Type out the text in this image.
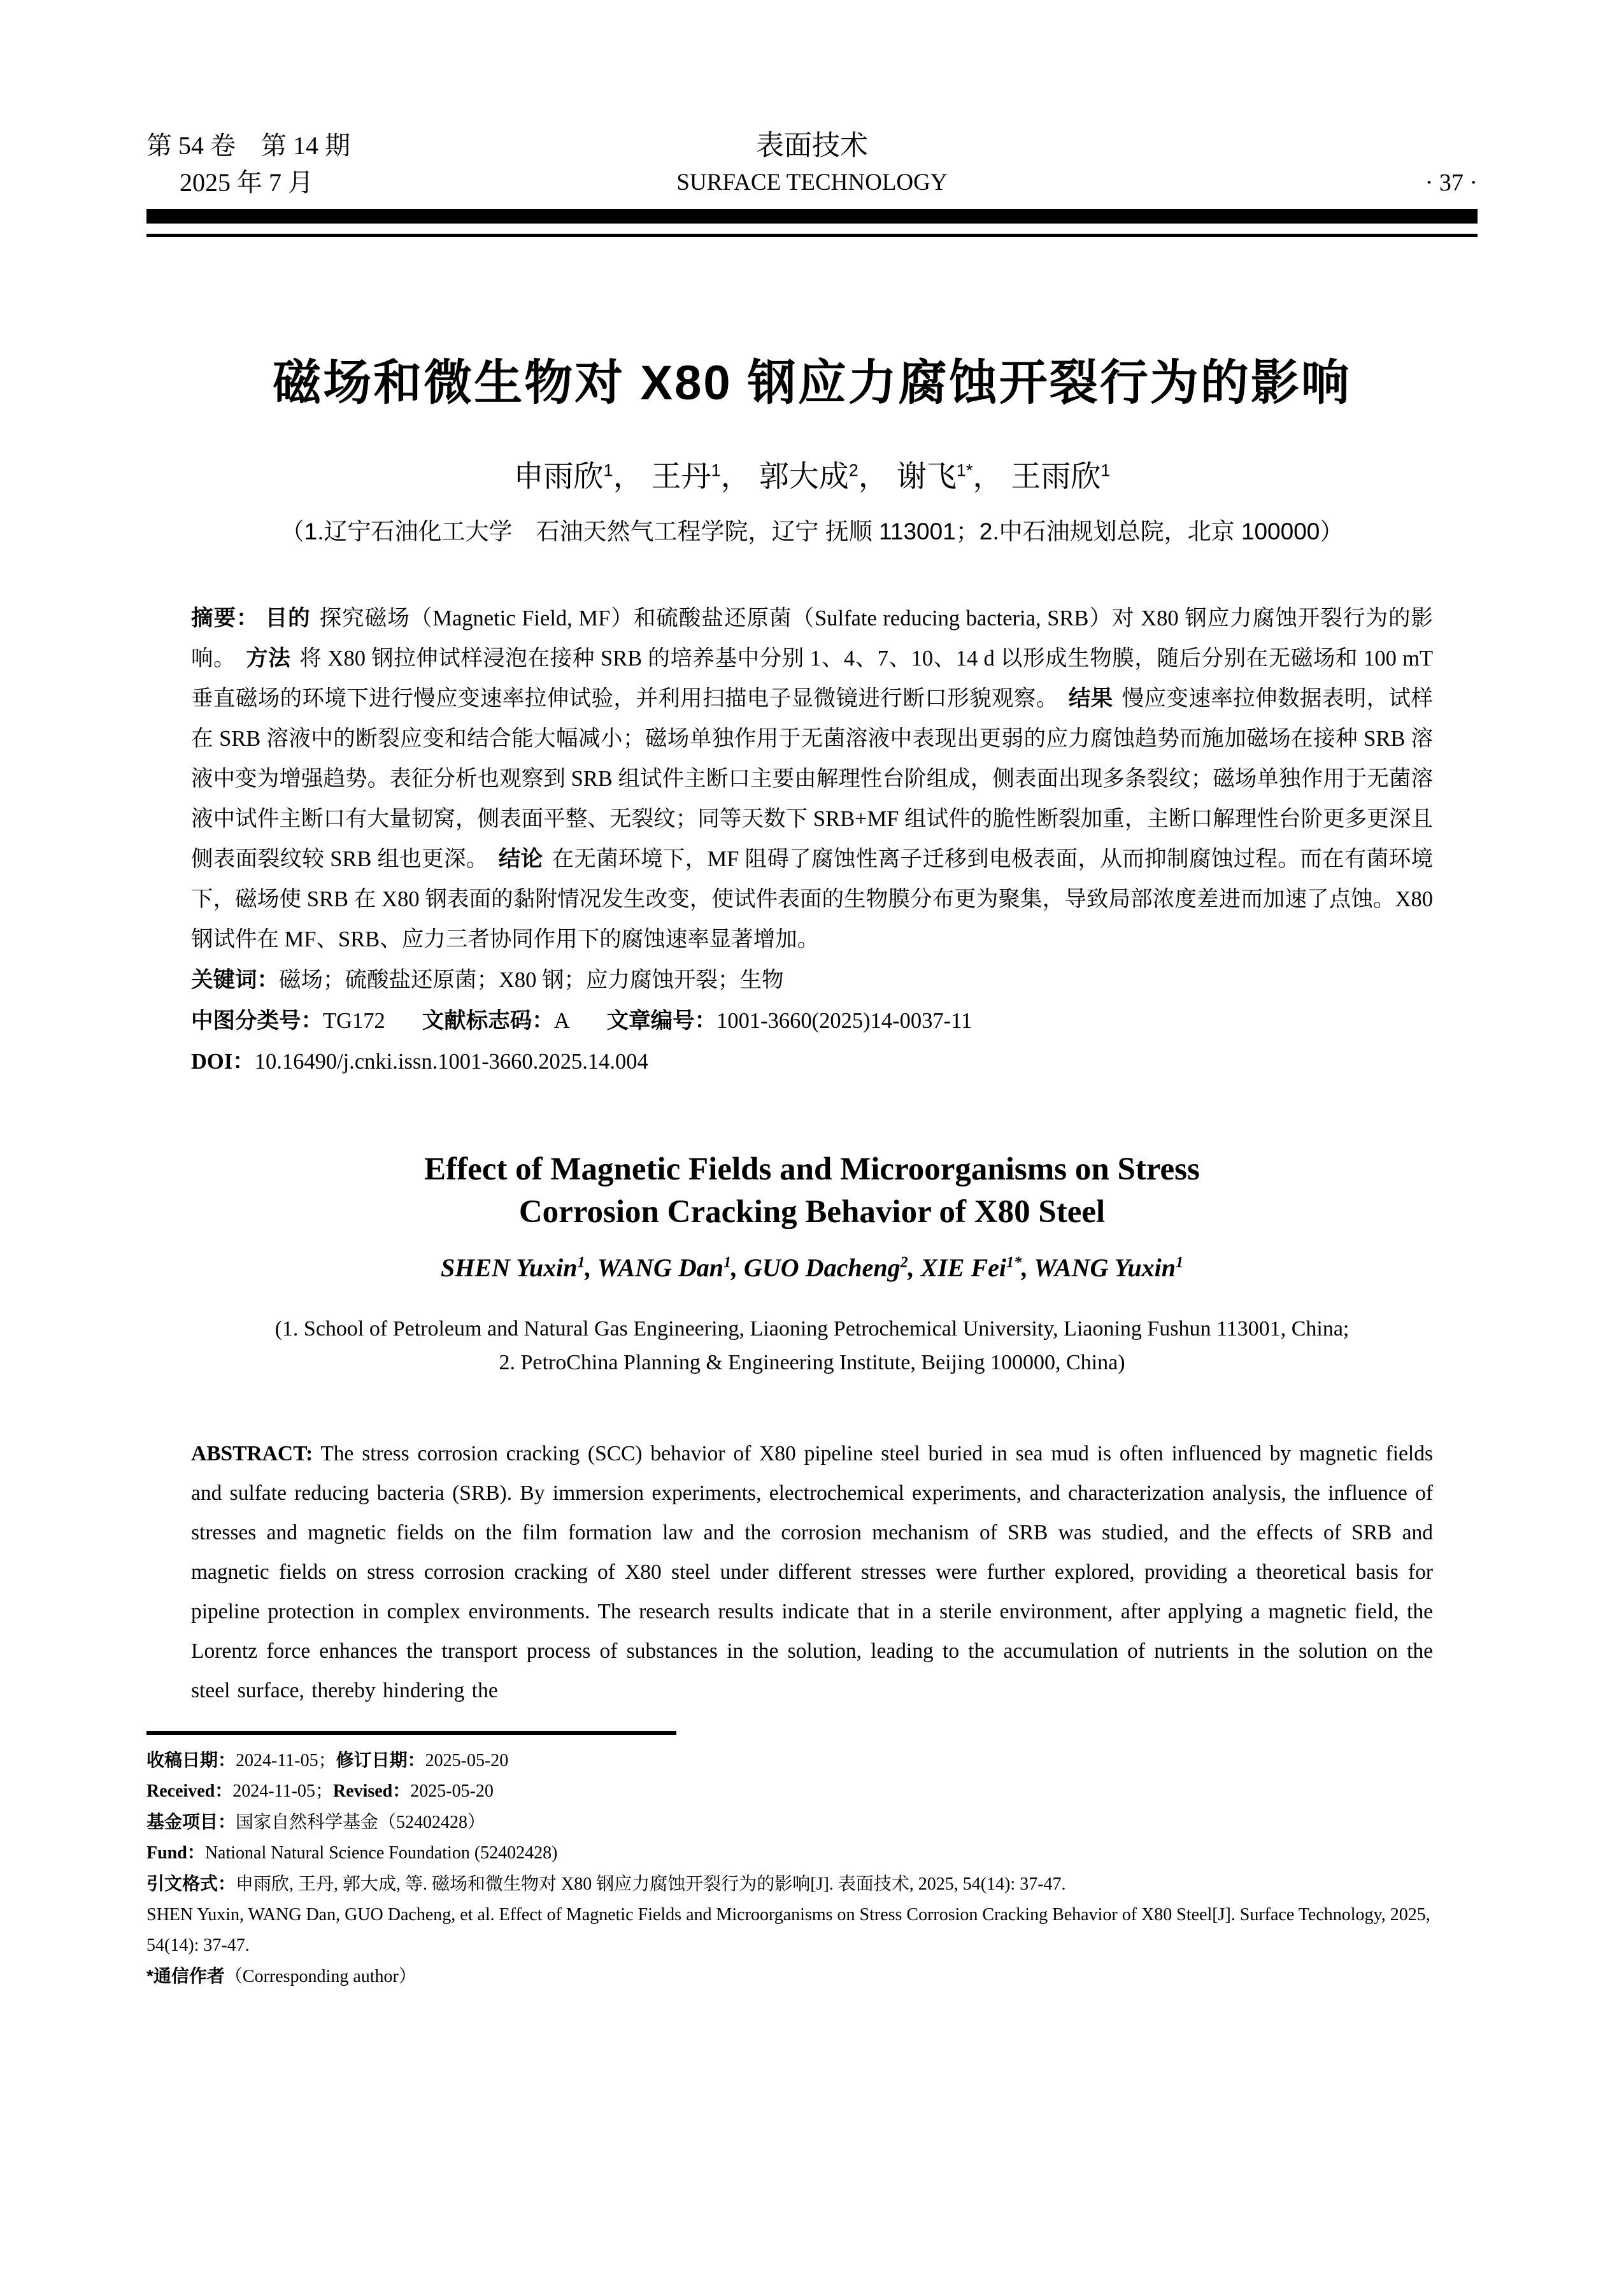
第 54 卷　第 14 期
2025 年 7 月
表面技术
SURFACE TECHNOLOGY	· 37 ·
磁场和微生物对 X80 钢应力腐蚀开裂行为的影响
申雨欣$^1$， 王丹$^1$， 郭大成$^2$， 谢飞$^{1*}$， 王雨欣$^1$
（1.辽宁石油化工大学　石油天然气工程学院，辽宁 抚顺 113001；2.中石油规划总院，北京 100000）
摘要： 目的 探究磁场（Magnetic Field, MF）和硫酸盐还原菌（Sulfate reducing bacteria, SRB）对 X80 钢应力腐蚀开裂行为的影响。 方法 将 X80 钢拉伸试样浸泡在接种 SRB 的培养基中分别 1、4、7、10、14 d 以形成生物膜，随后分别在无磁场和 100 mT 垂直磁场的环境下进行慢应变速率拉伸试验，并利用扫描电子显微镜进行断口形貌观察。 结果 慢应变速率拉伸数据表明，试样在 SRB 溶液中的断裂应变和结合能大幅减小；磁场单独作用于无菌溶液中表现出更弱的应力腐蚀趋势而施加磁场在接种 SRB 溶液中变为增强趋势。表征分析也观察到 SRB 组试件主断口主要由解理性台阶组成，侧表面出现多条裂纹；磁场单独作用于无菌溶液中试件主断口有大量韧窝，侧表面平整、无裂纹；同等天数下 SRB+MF 组试件的脆性断裂加重，主断口解理性台阶更多更深且侧表面裂纹较 SRB 组也更深。 结论 在无菌环境下，MF 阻碍了腐蚀性离子迁移到电极表面，从而抑制腐蚀过程。而在有菌环境下，磁场使 SRB 在 X80 钢表面的黏附情况发生改变，使试件表面的生物膜分布更为聚集，导致局部浓度差进而加速了点蚀。X80 钢试件在 MF、SRB、应力三者协同作用下的腐蚀速率显著增加。
关键词：磁场；硫酸盐还原菌；X80 钢；应力腐蚀开裂；生物
中图分类号：TG172 文献标志码：A 文章编号：1001-3660(2025)14-0037-11
DOI：10.16490/j.cnki.issn.1001-3660.2025.14.004
Effect of Magnetic Fields and Microorganisms on Stress
Corrosion Cracking Behavior of X80 Steel
SHEN Yuxin$^1$, WANG Dan$^1$, GUO Dacheng$^2$, XIE Fei$^{1*}$, WANG Yuxin$^1$
(1. School of Petroleum and Natural Gas Engineering, Liaoning Petrochemical University, Liaoning Fushun 113001, China;
2. PetroChina Planning & Engineering Institute, Beijing 100000, China)
ABSTRACT: The stress corrosion cracking (SCC) behavior of X80 pipeline steel buried in sea mud is often influenced by magnetic fields and sulfate reducing bacteria (SRB). By immersion experiments, electrochemical experiments, and characterization analysis, the influence of stresses and magnetic fields on the film formation law and the corrosion mechanism of SRB was studied, and the effects of SRB and magnetic fields on stress corrosion cracking of X80 steel under different stresses were further explored, providing a theoretical basis for pipeline protection in complex environments. The research results indicate that in a sterile environment, after applying a magnetic field, the Lorentz force enhances the transport process of substances in the solution, leading to the accumulation of nutrients in the solution on the steel surface, thereby hindering the
收稿日期：2024-11-05；修订日期：2025-05-20
Received：2024-11-05；Revised：2025-05-20
基金项目：国家自然科学基金（52402428）
Fund：National Natural Science Foundation (52402428)
引文格式：申雨欣, 王丹, 郭大成, 等. 磁场和微生物对 X80 钢应力腐蚀开裂行为的影响[J]. 表面技术, 2025, 54(14): 37-47.
SHEN Yuxin, WANG Dan, GUO Dacheng, et al. Effect of Magnetic Fields and Microorganisms on Stress Corrosion Cracking Behavior of X80 Steel[J]. Surface Technology, 2025, 54(14): 37-47.
*通信作者（Corresponding author）
